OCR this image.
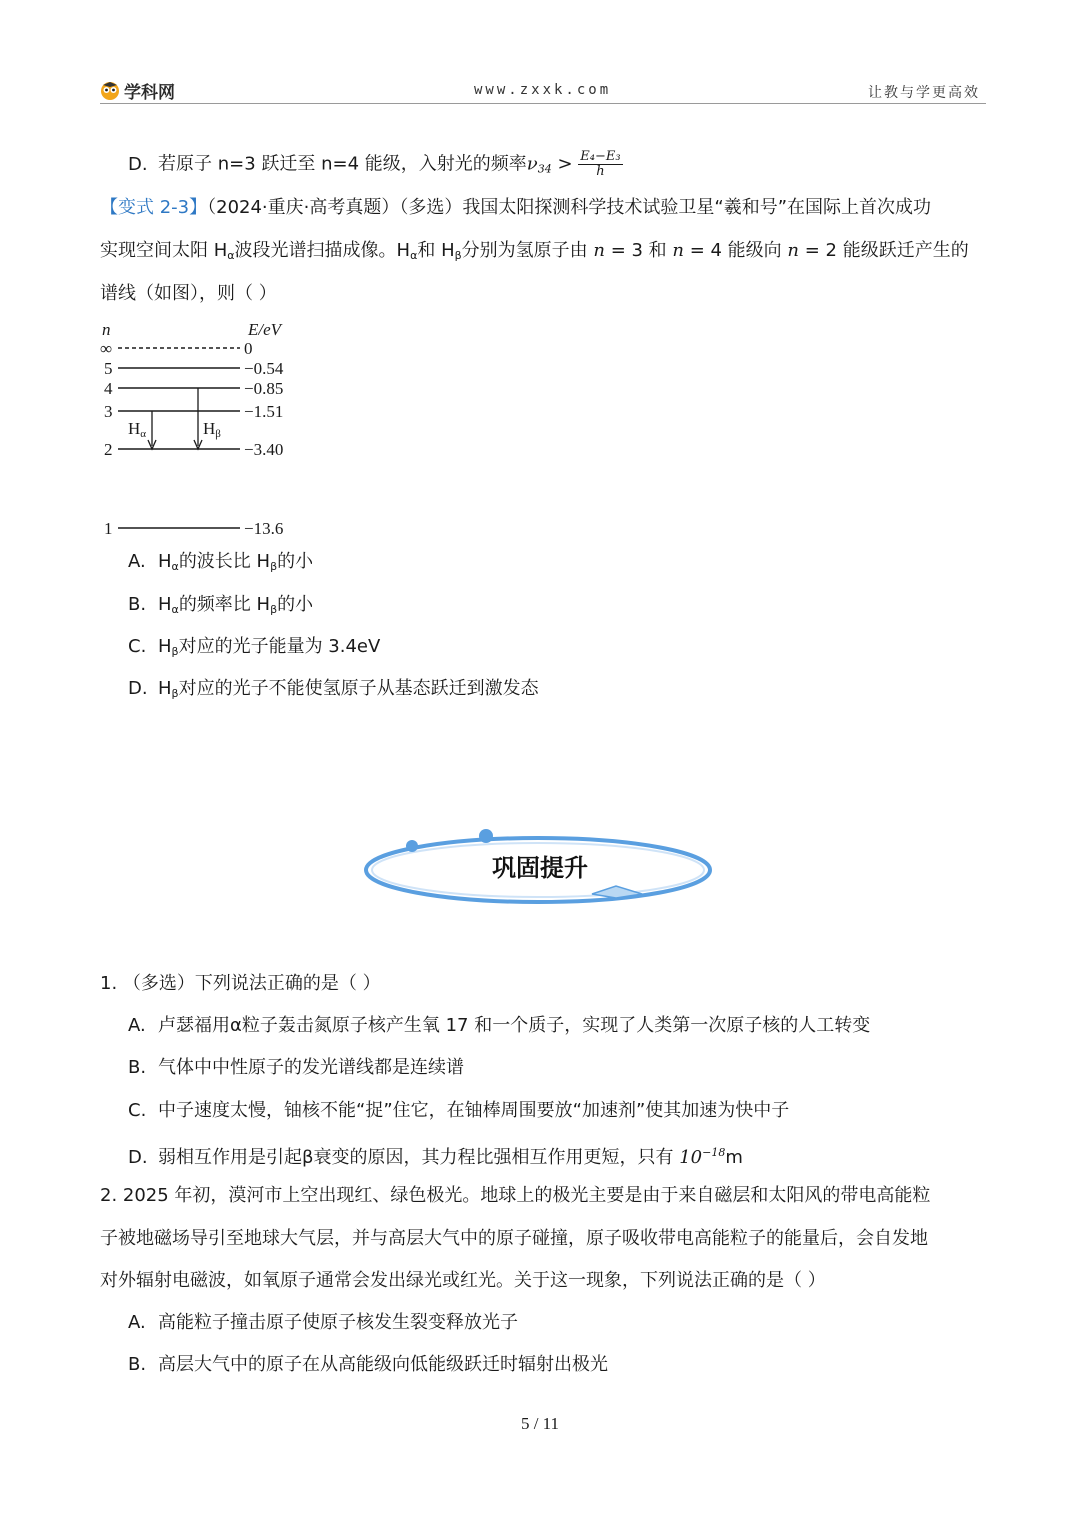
学科网	www.zxxk.com	让教与学更高效
D. 若原子 n=3 跃迁至 n=4 能级，入射光的频率$\nu_{34} > \frac{\text{E₄−E₃}}{h}$
【变式 2-3】（2024·重庆·高考真题）（多选）我国太阳探测科学技术试验卫星“羲和号”在国际上首次成功
实现空间太阳 $H_\alpha$波段光谱扫描成像。$H_\alpha$和 $H_\beta$分别为氢原子由 n = 3 和 n = 4 能级向 n = 2 能级跃迁产生的
谱线（如图），则（ ）
n	E/eV
∞	0
5	−0.54
4	−0.85
3	−1.51
2	−3.40
1	−13.6
Hα	Hβ
A. $H_\alpha$的波长比 $H_\beta$的小
B. $H_\alpha$的频率比 $H_\beta$的小
C. $H_\beta$对应的光子能量为 3.4eV
D. $H_\beta$对应的光子不能使氢原子从基态跃迁到激发态
巩固提升
1. （多选）下列说法正确的是（ ）
A. 卢瑟福用α粒子轰击氮原子核产生氧 17 和一个质子，实现了人类第一次原子核的人工转变
B. 气体中中性原子的发光谱线都是连续谱
C. 中子速度太慢，铀核不能“捉”住它，在铀棒周围要放“加速剂”使其加速为快中子
D. 弱相互作用是引起β衰变的原因，其力程比强相互作用更短，只有 $10^{-18}m$
2. 2025 年初，漠河市上空出现红、绿色极光。地球上的极光主要是由于来自磁层和太阳风的带电高能粒
子被地磁场导引至地球大气层，并与高层大气中的原子碰撞，原子吸收带电高能粒子的能量后，会自发地
对外辐射电磁波，如氧原子通常会发出绿光或红光。关于这一现象，下列说法正确的是（ ）
A. 高能粒子撞击原子使原子核发生裂变释放光子
B. 高层大气中的原子在从高能级向低能级跃迁时辐射出极光
5 / 11
